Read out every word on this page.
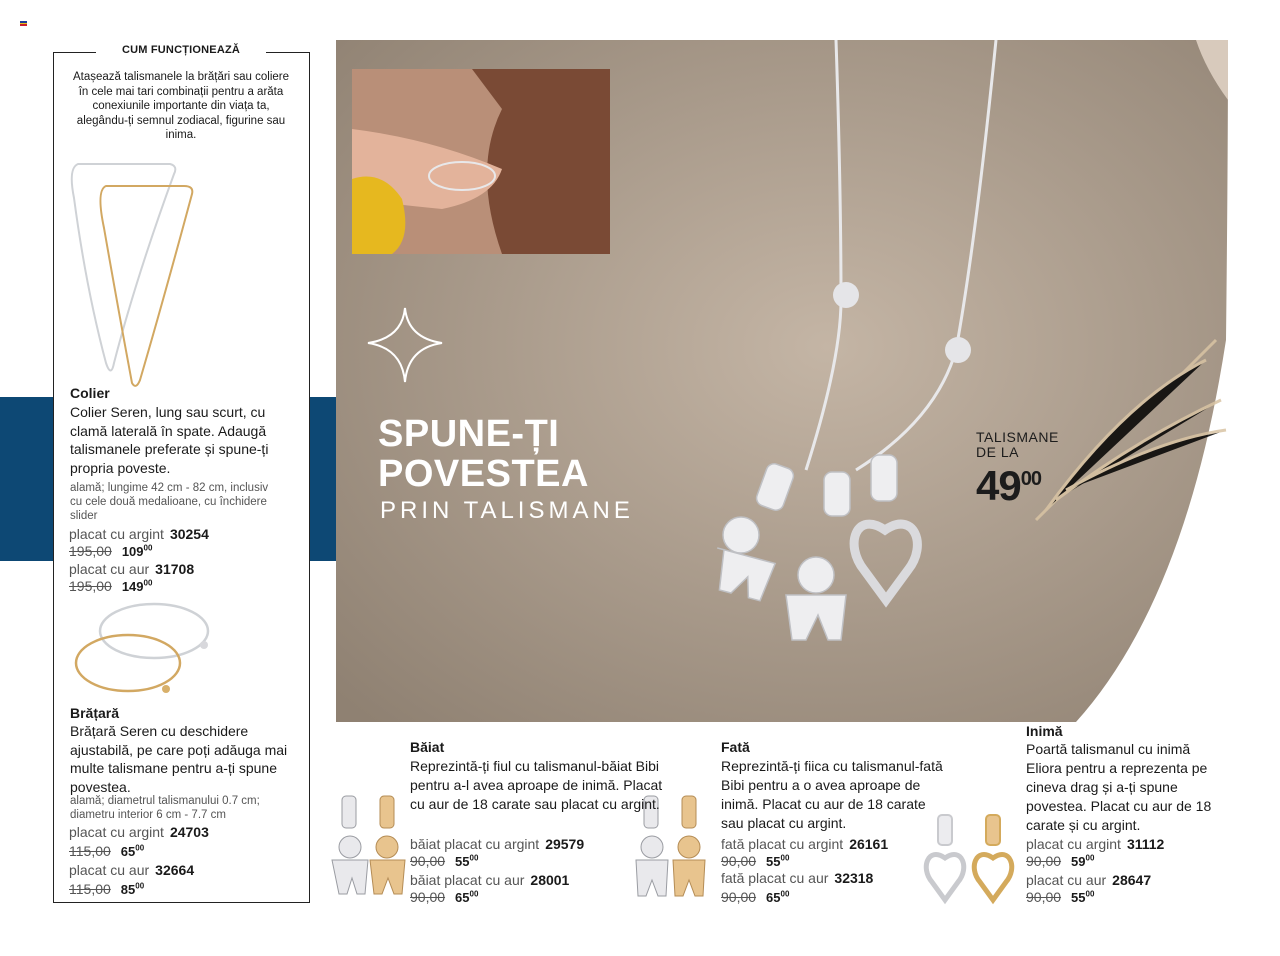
CUM FUNCȚIONEAZĂ
Atașează talismanele la brățări sau coliere în cele mai tari combinații pentru a arăta conexiunile importante din viața ta, alegându-ți semnul zodiacal, figurine sau inima.
Colier
Colier Seren, lung sau scurt, cu clamă laterală în spate. Adaugă talismanele preferate și spune-ți propria poveste.
alamă; lungime 42 cm - 82 cm, inclusiv cu cele două medalioane, cu închidere slider
placat cu argint 30254
195,00 $109^{00}$
placat cu aur 31708
195,00 $149^{00}$
Brățară
Brățară Seren cu deschidere ajustabilă, pe care poți adăuga mai multe talismane pentru a-ți spune povestea.
alamă; diametrul talismanului 0.7 cm; diametru interior 6 cm - 7.7 cm
placat cu argint 24703
115,00 $65^{00}$
placat cu aur 32664
115,00 $85^{00}$
SPUNE-ȚI
POVESTEA
PRIN TALISMANE
TALISMANE
DE LA
$49^{00}$
Băiat
Reprezintă-ți fiul cu talismanul-băiat Bibi pentru a-l avea aproape de inimă. Placat cu aur de 18 carate sau placat cu argint.
băiat placat cu argint 29579
90,00 $55^{00}$
băiat placat cu aur 28001
90,00 $65^{00}$
Fată
Reprezintă-ți fiica cu talismanul-fată Bibi pentru a o avea aproape de inimă. Placat cu aur de 18 carate sau placat cu argint.
fată placat cu argint 26161
90,00 $55^{00}$
fată placat cu aur 32318
90,00 $65^{00}$
Inimă
Poartă talismanul cu inimă Eliora pentru a reprezenta pe cineva drag și a-ți spune povestea. Placat cu aur de 18 carate și cu argint.
placat cu argint 31112
90,00 $59^{00}$
placat cu aur 28647
90,00 $55^{00}$
